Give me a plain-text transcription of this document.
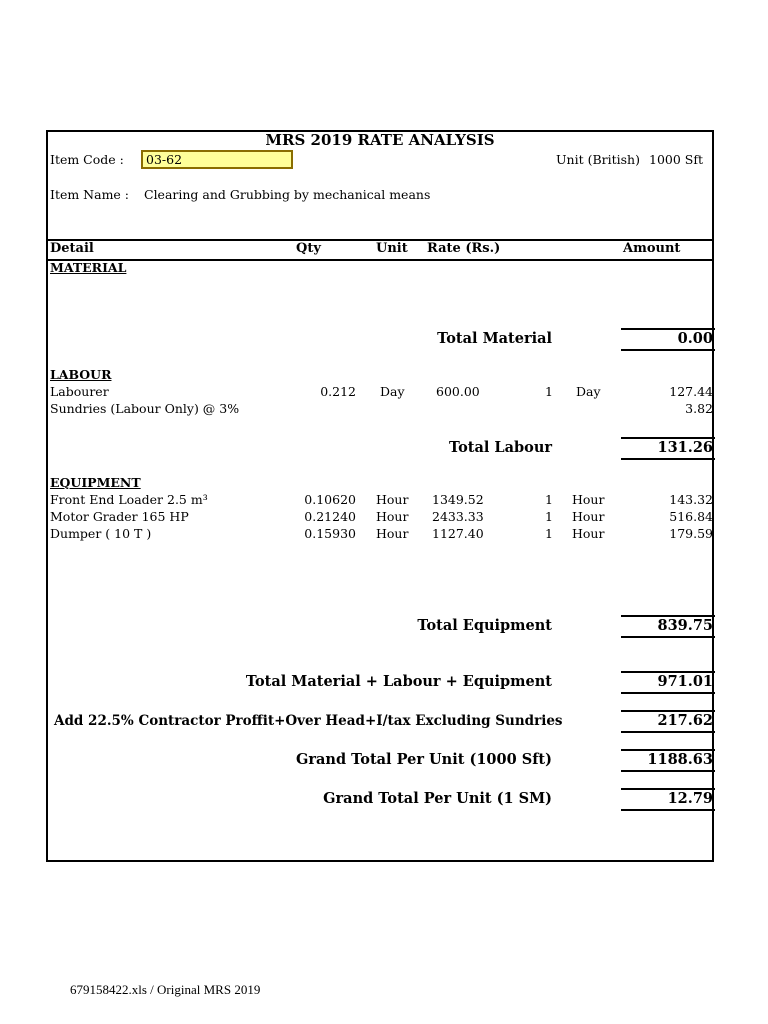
MRS 2019 RATE ANALYSIS
Item Code :	03-62	Unit (British) 1000 Sft
Item Name : Clearing and Grubbing by mechanical means
Detail	Qty	Unit Rate (Rs.)	Amount
MATERIAL
Total Material	0.00
LABOUR
Labourer	0.212 Day	600.00	1 Day	127.44
Sundries (Labour Only) @ 3%	3.82
Total Labour	131.26
EQUIPMENT
Front End Loader 2.5 m³	0.10620 Hour 1349.52	1 Hour	143.32
Motor Grader 165 HP	0.21240 Hour 2433.33	1 Hour	516.84
Dumper ( 10 T )	0.15930 Hour 1127.40	1 Hour	179.59
Total Equipment	839.75
Total Material + Labour + Equipment	971.01
Add 22.5% Contractor Proffit+Over Head+I/tax Excluding Sundries	217.62
Grand Total Per Unit (1000 Sft)	1188.63
Grand Total Per Unit (1 SM)	12.79
679158422.xls / Original MRS 2019
